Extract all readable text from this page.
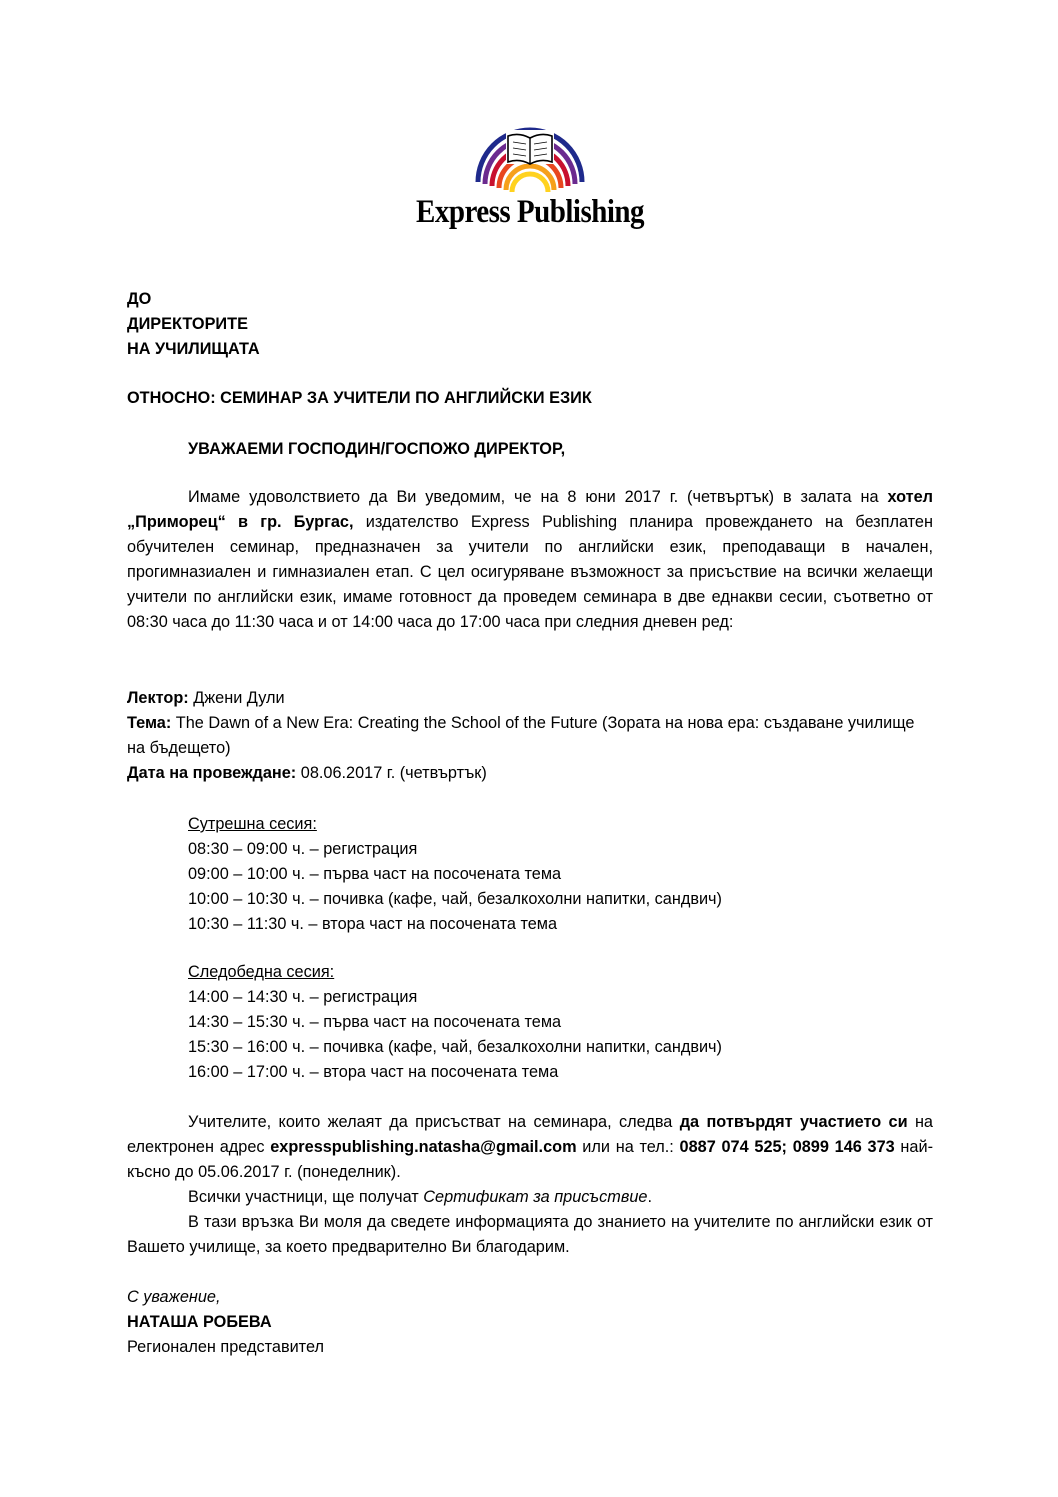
Express Publishing
ДО
ДИРЕКТОРИТЕ
НА УЧИЛИЩАТА
ОТНОСНО: СЕМИНАР ЗА УЧИТЕЛИ ПО АНГЛИЙСКИ ЕЗИК
УВАЖАЕМИ ГОСПОДИН/ГОСПОЖО ДИРЕКТОР,

Имаме удоволствието да Ви уведомим, че на 8 юни 2017 г. (четвъртък) в залата на хотел „Приморец“ в гр. Бургас, издателство Express Publishing планира провеждането на безплатен обучителен семинар, предназначен за учители по английски език, преподаващи в начален, прогимназиален и гимназиален етап. С цел осигуряване възможност за присъствие на всички желаещи учители по английски език, имаме готовност да проведем семинара в две еднакви сесии, съответно от 08:30 часа до 11:30 часа и от 14:00 часа до 17:00 часа при следния дневен ред:

Лектор: Джени Дули

Тема: The Dawn of a New Era: Creating the School of the Future (Зората на нова ера: създаване училище на бъдещето)

Дата на провеждане: 08.06.2017 г. (четвъртък)

Сутрешна сесия:
08:30 – 09:00 ч. – регистрация
09:00 – 10:00 ч. – първа част на посочената тема
10:00 – 10:30 ч. – почивка (кафе, чай, безалкохолни напитки, сандвич)
10:30 – 11:30 ч. – втора част на посочената тема
Следобедна сесия:
14:00 – 14:30 ч. – регистрация
14:30 – 15:30 ч. – първа част на посочената тема
15:30 – 16:00 ч. – почивка (кафе, чай, безалкохолни напитки, сандвич)
16:00 – 17:00 ч. – втора част на посочената тема

Учителите, които желаят да присъстват на семинара, следва да потвърдят участието си на електронен адрес expresspublishing.natasha@gmail.com или на тел.: 0887 074 525; 0899 146 373 най-късно до 05.06.2017 г. (понеделник).

Всички участници, ще получат Сертификат за присъствие.

В тази връзка Ви моля да сведете информацията до знанието на учителите по английски език от Вашето училище, за което предварително Ви благодарим.

С уважение,
НАТАША РОБЕВА
Регионален представител
